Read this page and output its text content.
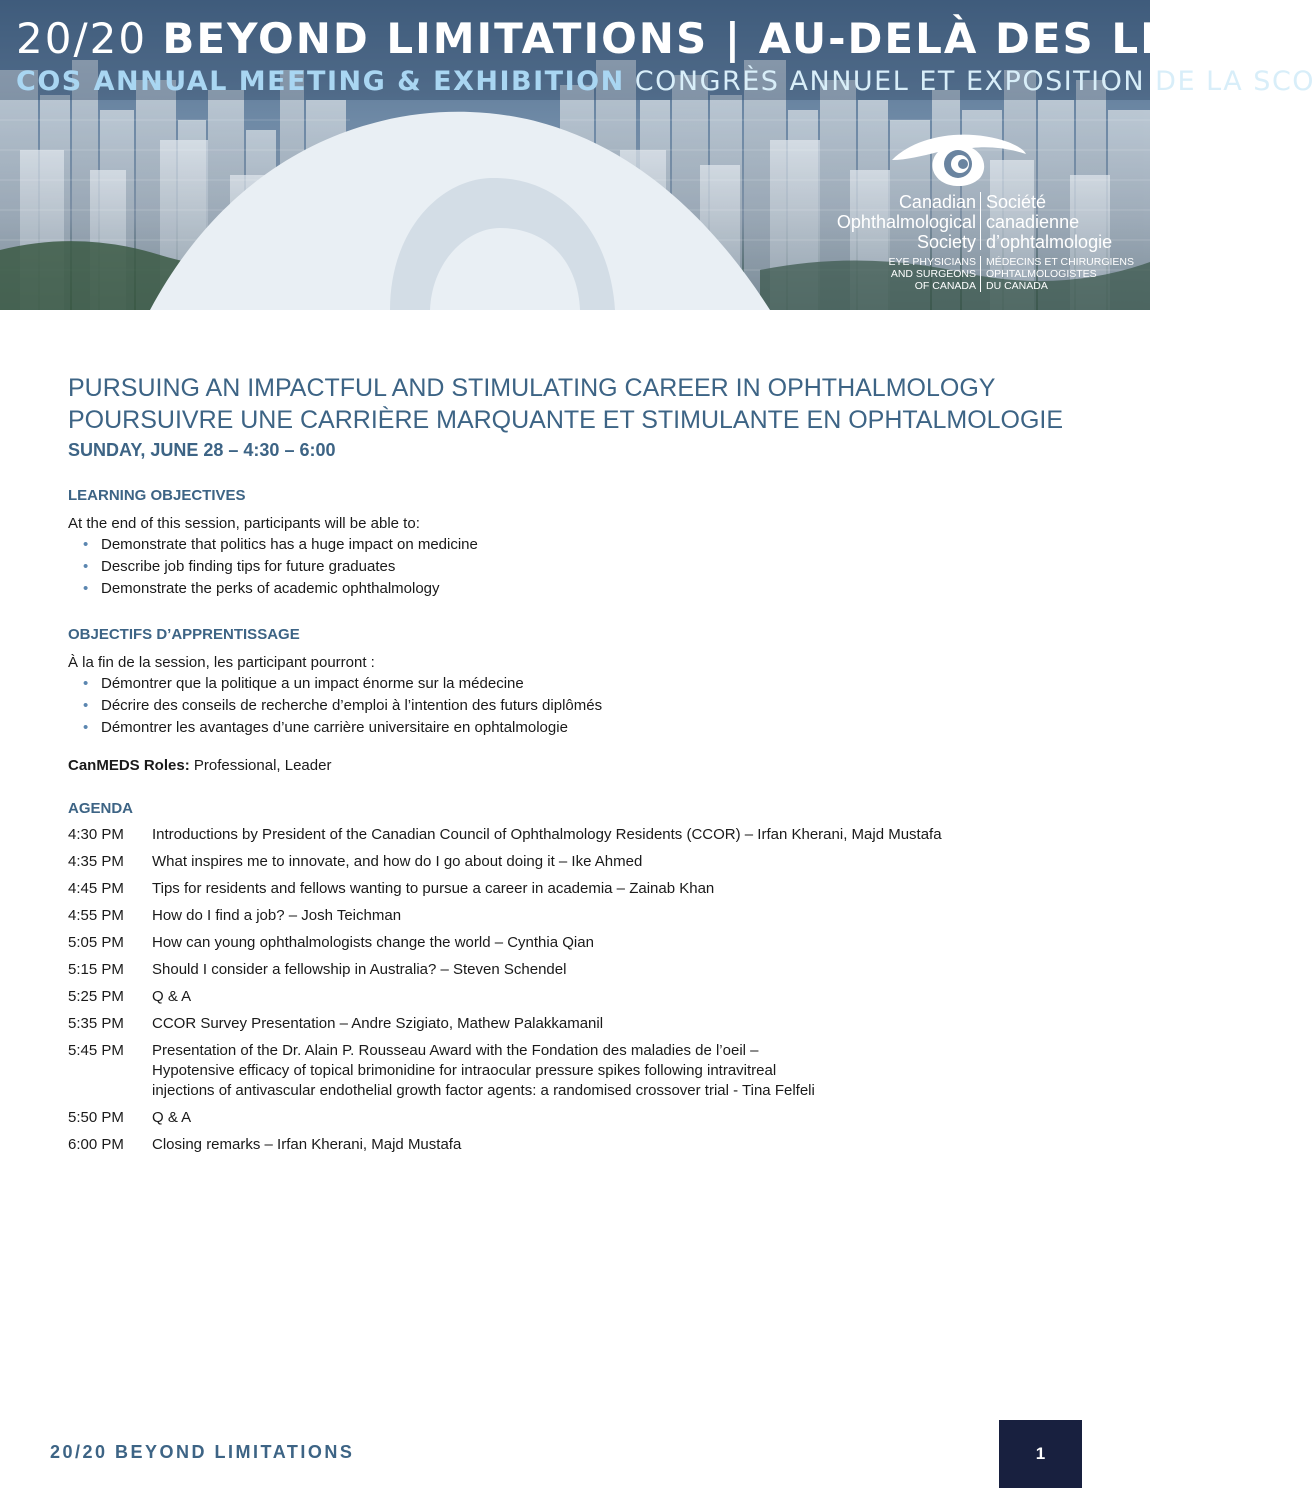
20/20 BEYOND LIMITATIONS | AU-DELÀ DES LIMITES
COS ANNUAL MEETING & EXHIBITION CONGRÈS ANNUEL ET EXPOSITION DE LA SCO
Canadian
Ophthalmological
Society
Société
canadienne
d’ophtalmologie
EYE PHYSICIANS
AND SURGEONS
OF CANADA
MÉDECINS ET CHIRURGIENS
OPHTALMOLOGISTES
DU CANADA
PURSUING AN IMPACTFUL AND STIMULATING CAREER IN OPHTHALMOLOGY
POURSUIVRE UNE CARRIÈRE MARQUANTE ET STIMULANTE EN OPHTALMOLOGIE
SUNDAY, JUNE 28 – 4:30 – 6:00
LEARNING OBJECTIVES
At the end of this session, participants will be able to:
• Demonstrate that politics has a huge impact on medicine
• Describe job finding tips for future graduates
• Demonstrate the perks of academic ophthalmology
OBJECTIFS D’APPRENTISSAGE
À la fin de la session, les participant pourront :
• Démontrer que la politique a un impact énorme sur la médecine
• Décrire des conseils de recherche d’emploi à l’intention des futurs diplômés
• Démontrer les avantages d’une carrière universitaire en ophtalmologie
CanMEDS Roles: Professional, Leader
AGENDA
4:30 PM	Introductions by President of the Canadian Council of Ophthalmology Residents (CCOR) – Irfan Kherani, Majd Mustafa

4:35 PM	What inspires me to innovate, and how do I go about doing it – Ike Ahmed

4:45 PM	Tips for residents and fellows wanting to pursue a career in academia – Zainab Khan

4:55 PM	How do I find a job? – Josh Teichman

5:05 PM	How can young ophthalmologists change the world – Cynthia Qian

5:15 PM	Should I consider a fellowship in Australia? – Steven Schendel

5:25 PM	Q & A

5:35 PM	CCOR Survey Presentation – Andre Szigiato, Mathew Palakkamanil

5:45 PM	Presentation of the Dr. Alain P. Rousseau Award with the Fondation des maladies de l’oeil –
Hypotensive efficacy of topical brimonidine for intraocular pressure spikes following intravitreal
injections of antivascular endothelial growth factor agents: a randomised crossover trial - Tina Felfeli

5:50 PM	Q & A

6:00 PM	Closing remarks – Irfan Kherani, Majd Mustafa
20/20 BEYOND LIMITATIONS	1
